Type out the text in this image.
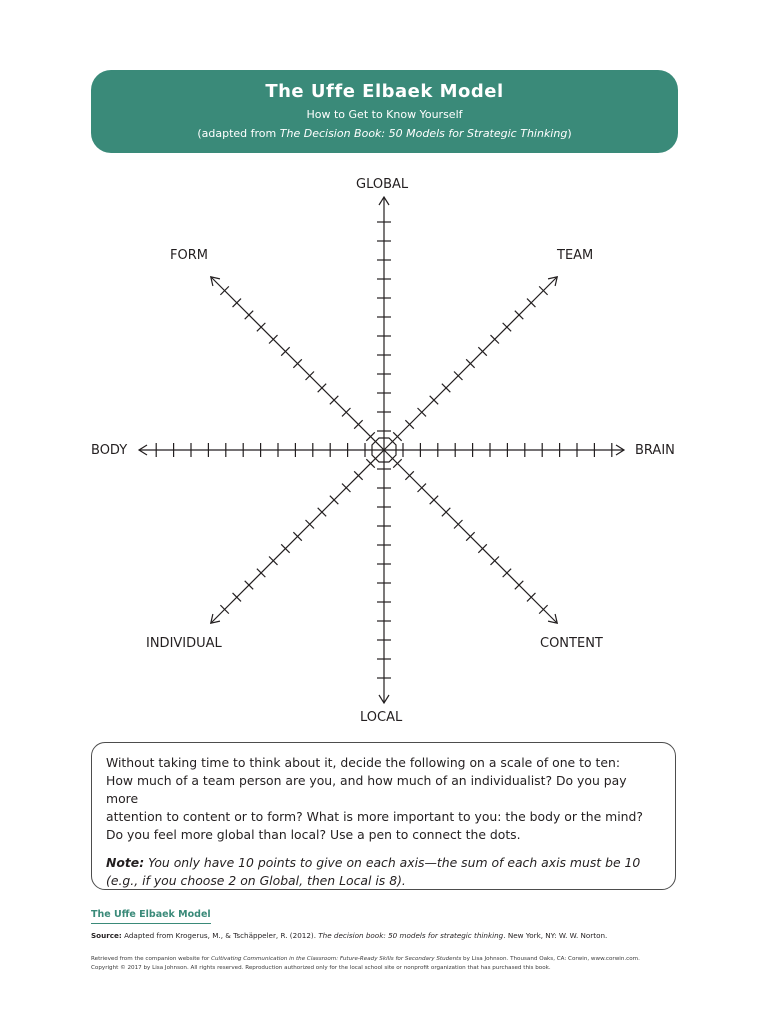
The Uffe Elbaek Model
How to Get to Know Yourself
(adapted from The Decision Book: 50 Models for Strategic Thinking)
GLOBAL
LOCAL
BODY	BRAIN
FORM	TEAM
INDIVIDUAL	CONTENT

Without taking time to think about it, decide the following on a scale of one to ten:

How much of a team person are you, and how much of an individualist? Do you pay more

attention to content or to form? What is more important to you: the body or the mind?

Do you feel more global than local? Use a pen to connect the dots.

Note: You only have 10 points to give on each axis—the sum of each axis must be 10 (e.g., if you choose 2 on Global, then Local is 8).

The Uffe Elbaek Model
Source: Adapted from Krogerus, M., & Tschäppeler, R. (2012). The decision book: 50 models for strategic thinking. New York, NY: W. W. Norton.
Retrieved from the companion website for Cultivating Communication in the Classroom: Future-Ready Skills for Secondary Students by Lisa Johnson. Thousand Oaks, CA: Corwin, www.corwin.com.
Copyright © 2017 by Lisa Johnson. All rights reserved. Reproduction authorized only for the local school site or nonprofit organization that has purchased this book.
